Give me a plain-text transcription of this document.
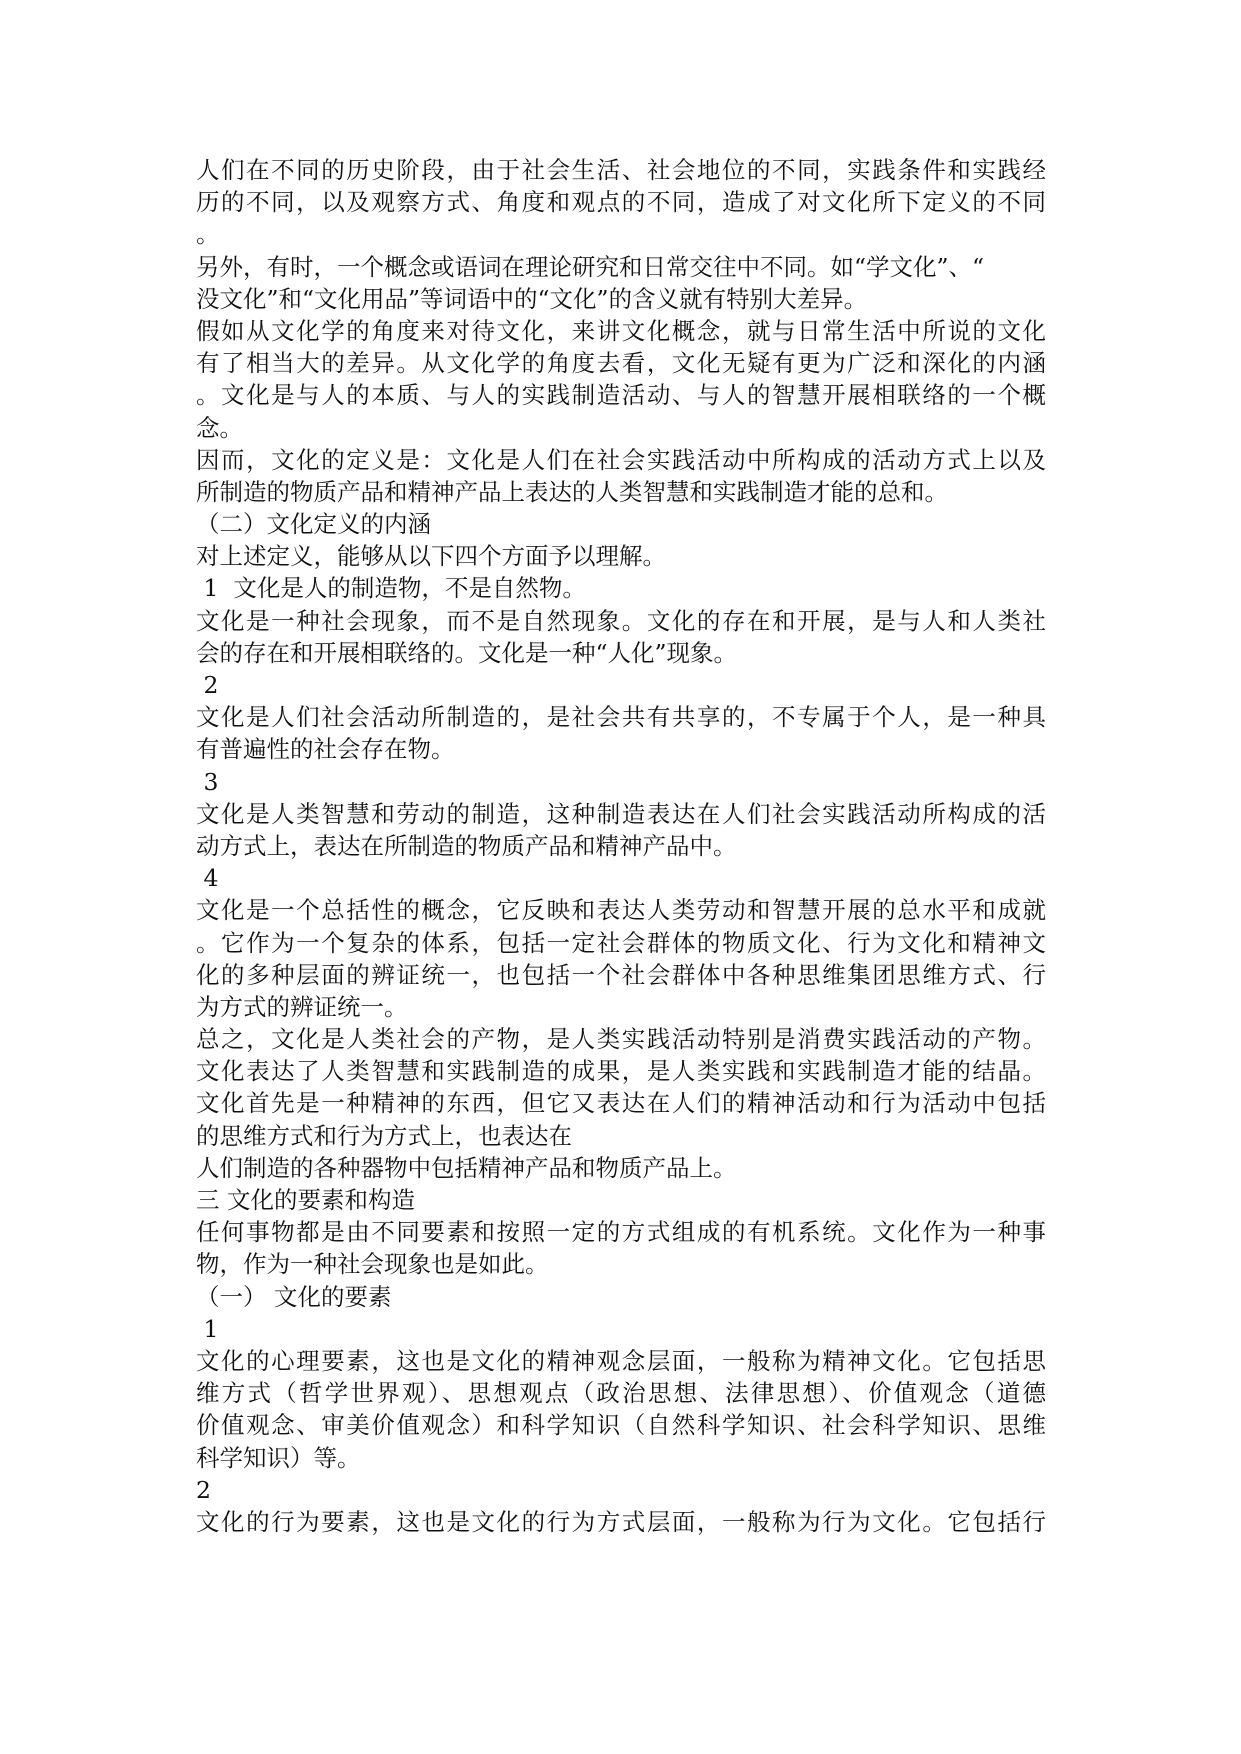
人们在不同的历史阶段，由于社会生活、社会地位的不同，实践条件和实践经
历的不同，以及观察方式、角度和观点的不同，造成了对文化所下定义的不同
。
另外，有时，一个概念或语词在理论研究和日常交往中不同。如“学文化”、“
没文化”和“文化用品”等词语中的“文化”的含义就有特别大差异。
假如从文化学的角度来对待文化，来讲文化概念，就与日常生活中所说的文化
有了相当大的差异。从文化学的角度去看，文化无疑有更为广泛和深化的内涵
。文化是与人的本质、与人的实践制造活动、与人的智慧开展相联络的一个概
念。
因而，文化的定义是：文化是人们在社会实践活动中所构成的活动方式上以及
所制造的物质产品和精神产品上表达的人类智慧和实践制造才能的总和。
（二）文化定义的内涵
对上述定义，能够从以下四个方面予以理解。
1  文化是人的制造物，不是自然物。
文化是一种社会现象，而不是自然现象。文化的存在和开展，是与人和人类社
会的存在和开展相联络的。文化是一种“人化”现象。
2
文化是人们社会活动所制造的，是社会共有共享的，不专属于个人，是一种具
有普遍性的社会存在物。
3
文化是人类智慧和劳动的制造，这种制造表达在人们社会实践活动所构成的活
动方式上，表达在所制造的物质产品和精神产品中。
4
文化是一个总括性的概念，它反映和表达人类劳动和智慧开展的总水平和成就
。它作为一个复杂的体系，包括一定社会群体的物质文化、行为文化和精神文
化的多种层面的辨证统一，也包括一个社会群体中各种思维集团思维方式、行
为方式的辨证统一。
总之，文化是人类社会的产物，是人类实践活动特别是消费实践活动的产物。
文化表达了人类智慧和实践制造的成果，是人类实践和实践制造才能的结晶。
文化首先是一种精神的东西，但它又表达在人们的精神活动和行为活动中包括
的思维方式和行为方式上，也表达在
人们制造的各种器物中包括精神产品和物质产品上。
三 文化的要素和构造
任何事物都是由不同要素和按照一定的方式组成的有机系统。文化作为一种事
物，作为一种社会现象也是如此。
（一） 文化的要素
1
文化的心理要素，这也是文化的精神观念层面，一般称为精神文化。它包括思
维方式（哲学世界观）、思想观点（政治思想、法律思想）、价值观念（道德
价值观念、审美价值观念）和科学知识（自然科学知识、社会科学知识、思维
科学知识）等。
2
文化的行为要素，这也是文化的行为方式层面，一般称为行为文化。它包括行
